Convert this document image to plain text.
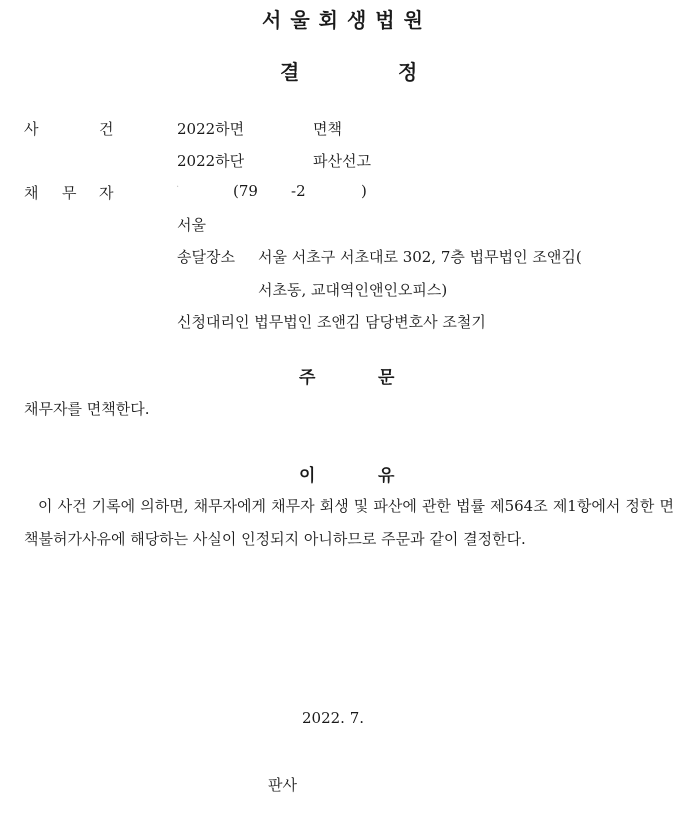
서울회생법원
결	정
사	건	2022하면	면책
2022하단	파산선고
채 무 자	·	(79 -2	)
서울
송달장소 서울 서초구 서초대로 302, 7층 법무법인 조앤김(
서초동, 교대역인앤인오피스)
신청대리인 법무법인 조앤김 담당변호사 조철기
주	문
채무자를 면책한다.
이	유
이 사건 기록에 의하면, 채무자에게 채무자 회생 및 파산에 관한 법률 제564조 제1항에서 정한 면책불허가사유에 해당하는 사실이 인정되지 아니하므로 주문과 같이 결정한다.
2022. 7.
판사
